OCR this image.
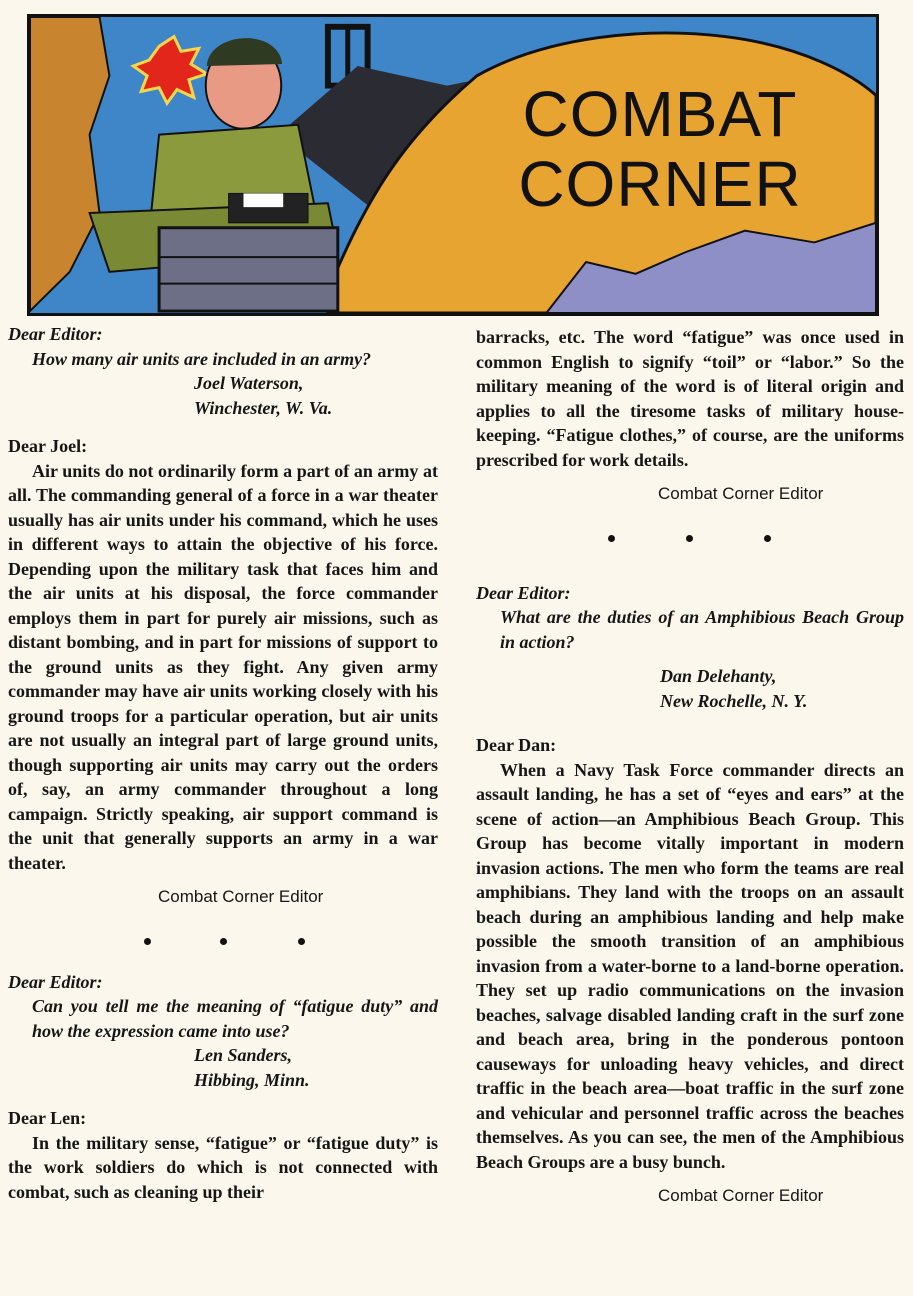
COMBAT
CORNER

Dear Editor:

How many air units are included in an army?

Joel Waterson,

Winchester, W. Va.

Dear Joel:

Air units do not ordinarily form a part of an army at all. The commanding general of a force in a war theater usually has air units under his command, which he uses in different ways to attain the objective of his force. Depending upon the military task that faces him and the air units at his disposal, the force commander employs them in part for purely air missions, such as distant bombing, and in part for missions of support to the ground units as they fight. Any given army commander may have air units working closely with his ground troops for a particular operation, but air units are not usually an integral part of large ground units, though supporting air units may carry out the orders of, say, an army commander throughout a long campaign. Strictly speaking, air support command is the unit that generally supports an army in a war theater.

Combat Corner Editor

Dear Editor:

Can you tell me the meaning of “fatigue duty” and how the expression came into use?

Len Sanders,

Hibbing, Minn.

Dear Len:

In the military sense, “fatigue” or “fatigue duty” is the work soldiers do which is not connected with combat, such as cleaning up their

barracks, etc. The word “fatigue” was once used in common English to signify “toil” or “labor.” So the military meaning of the word is of literal origin and applies to all the tiresome tasks of military house-keeping. “Fatigue clothes,” of course, are the uniforms prescribed for work details.

Combat Corner Editor

Dear Editor:

What are the duties of an Amphibious Beach Group in action?

Dan Delehanty,

New Rochelle, N. Y.

Dear Dan:

When a Navy Task Force commander directs an assault landing, he has a set of “eyes and ears” at the scene of action—an Amphibious Beach Group. This Group has become vitally important in modern invasion actions. The men who form the teams are real amphibians. They land with the troops on an assault beach during an amphibious landing and help make possible the smooth transition of an amphibious invasion from a water-borne to a land-borne operation. They set up radio communications on the invasion beaches, salvage disabled landing craft in the surf zone and beach area, bring in the ponderous pontoon causeways for unloading heavy vehicles, and direct traffic in the beach area—boat traffic in the surf zone and vehicular and personnel traffic across the beaches themselves. As you can see, the men of the Amphibious Beach Groups are a busy bunch.

Combat Corner Editor
